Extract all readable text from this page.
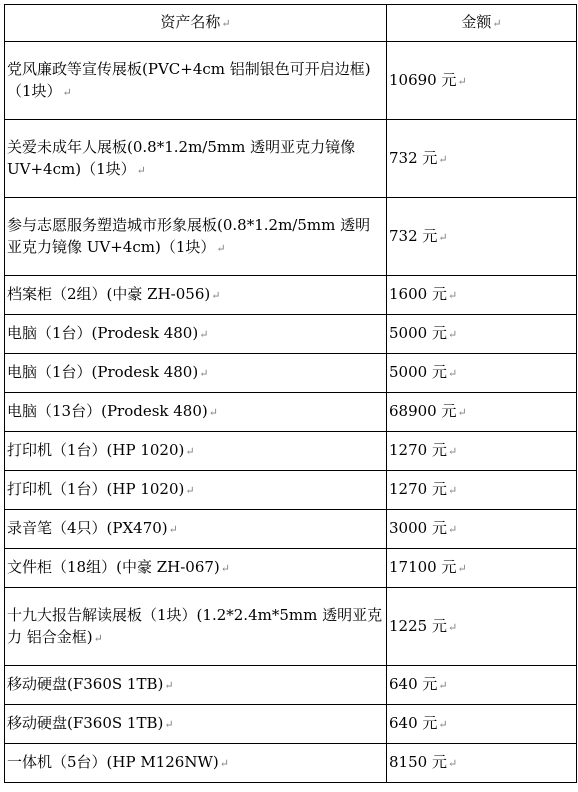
资产名称 ↵	金额 ↵
党风廉政等宣传展板(PVC+4cm 铝制银色可开启边框)（1块） ↵	10690 元 ↵
关爱未成年人展板(0.8*1.2m/5mm 透明亚克力镜像 UV+4cm)（1块） ↵	732 元 ↵
参与志愿服务塑造城市形象展板(0.8*1.2m/5mm 透明亚克力镜像 UV+4cm)（1块） ↵	732 元 ↵
档案柜（2组）(中豪 ZH-056) ↵	1600 元 ↵
电脑（1台）(Prodesk 480) ↵	5000 元 ↵
电脑（1台）(Prodesk 480) ↵	5000 元 ↵
电脑（13台）(Prodesk 480) ↵	68900 元 ↵
打印机（1台）(HP 1020) ↵	1270 元 ↵
打印机（1台）(HP 1020) ↵	1270 元 ↵
录音笔（4只）(PX470) ↵	3000 元 ↵
文件柜（18组）(中豪 ZH-067) ↵	17100 元 ↵
十九大报告解读展板（1块）(1.2*2.4m*5mm 透明亚克力 铝合金框) ↵	1225 元 ↵
移动硬盘(F360S 1TB) ↵	640 元 ↵
移动硬盘(F360S 1TB) ↵	640 元 ↵
一体机（5台）(HP M126NW) ↵	8150 元 ↵
